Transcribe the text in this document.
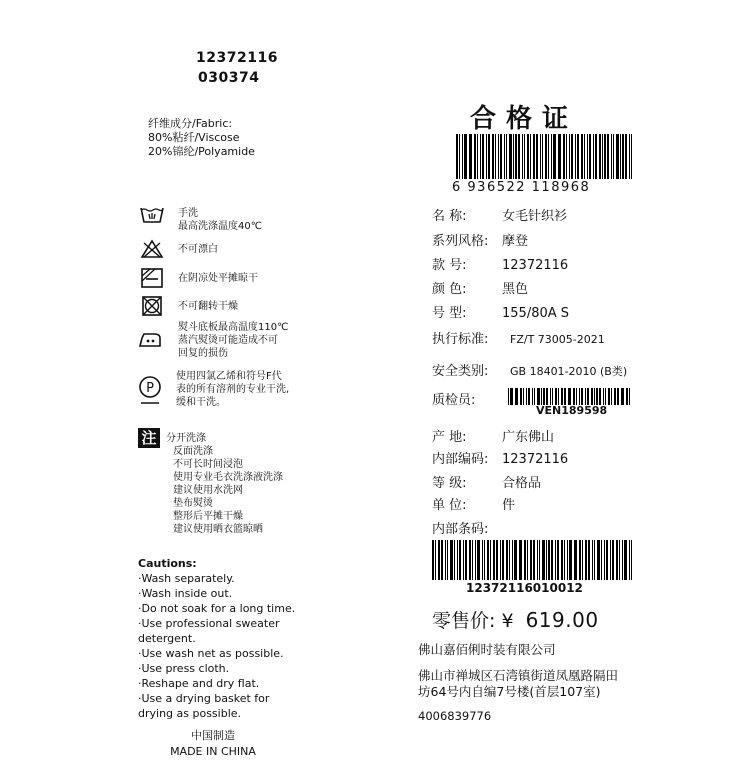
12372116
030374
纤维成分/Fabric:
80%粘纤/Viscose
20%锦纶/Polyamide
手洗
最高洗涤温度40℃
不可漂白
在阴凉处平摊晾干
不可翻转干燥
熨斗底板最高温度110℃
蒸汽熨烫可能造成不可
回复的损伤
P
使用四氯乙烯和符号F代
表的所有溶剂的专业干洗,
缓和干洗。
注 分开洗涤
反面洗涤
不可长时间浸泡
使用专业毛衣洗涤液洗涤
建议使用水洗网
垫布熨烫
整形后平摊干燥
建议使用晒衣篮晾晒
Cautions:
·Wash separately.
·Wash inside out.
·Do not soak for a long time.
·Use professional sweater
detergent.
·Use wash net as possible.
·Use press cloth.
·Reshape and dry flat.
·Use a drying basket for
drying as possible.
中国制造
MADE IN CHINA
合格证
6 936522 118968
名 称:	女毛针织衫
系列风格: 摩登
款 号:	12372116
颜 色:	黑色
号 型:	155/80A S
执行标准: FZ/T 73005-2021
安全类别: GB 18401-2010 (B类)
质检员:
VEN189598
产 地:	广东佛山
内部编码: 12372116
等 级:	合格品
单 位:	件
内部条码:
12372116010012
零售价: ¥ 619.00
佛山嘉佰俐时装有限公司
佛山市禅城区石湾镇街道凤凰路隔田
坊64号内自编7号楼(首层107室)
4006839776
